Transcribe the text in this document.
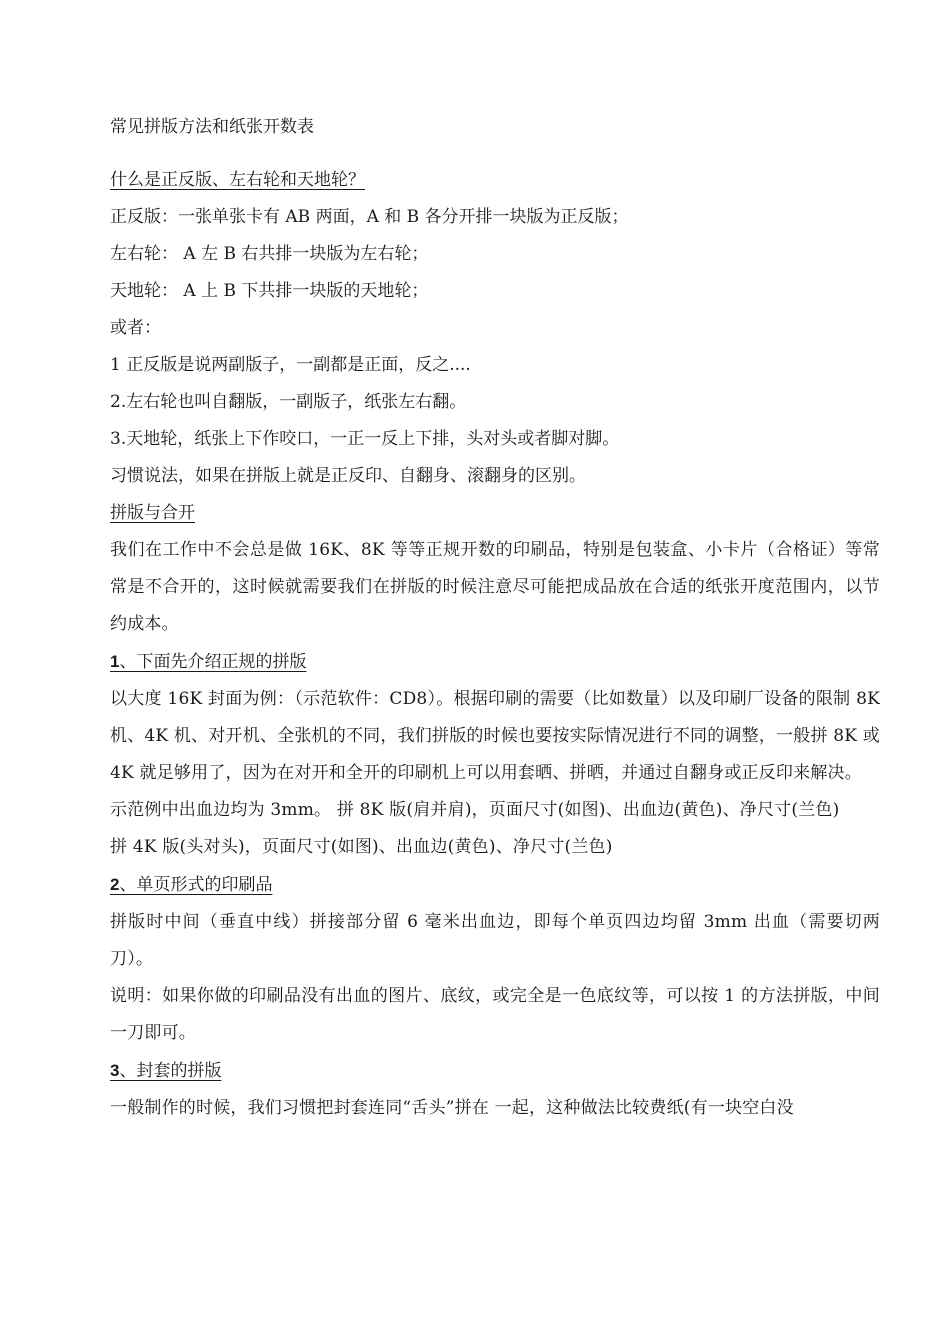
常见拼版方法和纸张开数表
什么是正反版、左右轮和天地轮？
正反版：一张单张卡有 AB 两面，A 和 B 各分开排一块版为正反版；
左右轮： A 左 B 右共排一块版为左右轮；
天地轮： A 上 B 下共排一块版的天地轮；
或者：
1 正反版是说两副版子，一副都是正面，反之....
2.左右轮也叫自翻版，一副版子，纸张左右翻。
3.天地轮，纸张上下作咬口，一正一反上下排，头对头或者脚对脚。
习惯说法，如果在拼版上就是正反印、自翻身、滚翻身的区别。
拼版与合开

我们在工作中不会总是做 16K、8K 等等正规开数的印刷品，特别是包装盒、小卡片（合格证）等常常是不合开的，这时候就需要我们在拼版的时候注意尽可能把成品放在合适的纸张开度范围内，以节约成本。

1、下面先介绍正规的拼版

以大度 16K 封面为例：（示范软件：CD8）。根据印刷的需要（比如数量）以及印刷厂设备的限制 8K 机、4K 机、对开机、全张机的不同，我们拼版的时候也要按实际情况进行不同的调整，一般拼 8K 或 4K 就足够用了，因为在对开和全开的印刷机上可以用套晒、拼晒，并通过自翻身或正反印来解决。

示范例中出血边均为 3mm。 拼 8K 版(肩并肩)，页面尺寸(如图)、出血边(黄色)、净尺寸(兰色)

拼 4K 版(头对头)，页面尺寸(如图)、出血边(黄色)、净尺寸(兰色)

2、单页形式的印刷品

拼版时中间（垂直中线）拼接部分留 6 毫米出血边，即每个单页四边均留 3mm 出血（需要切两刀）。

说明：如果你做的印刷品没有出血的图片、底纹，或完全是一色底纹等，可以按 1 的方法拼版，中间一刀即可。

3、封套的拼版

一般制作的时候，我们习惯把封套连同“舌头”拼在 一起，这种做法比较费纸(有一块空白没
